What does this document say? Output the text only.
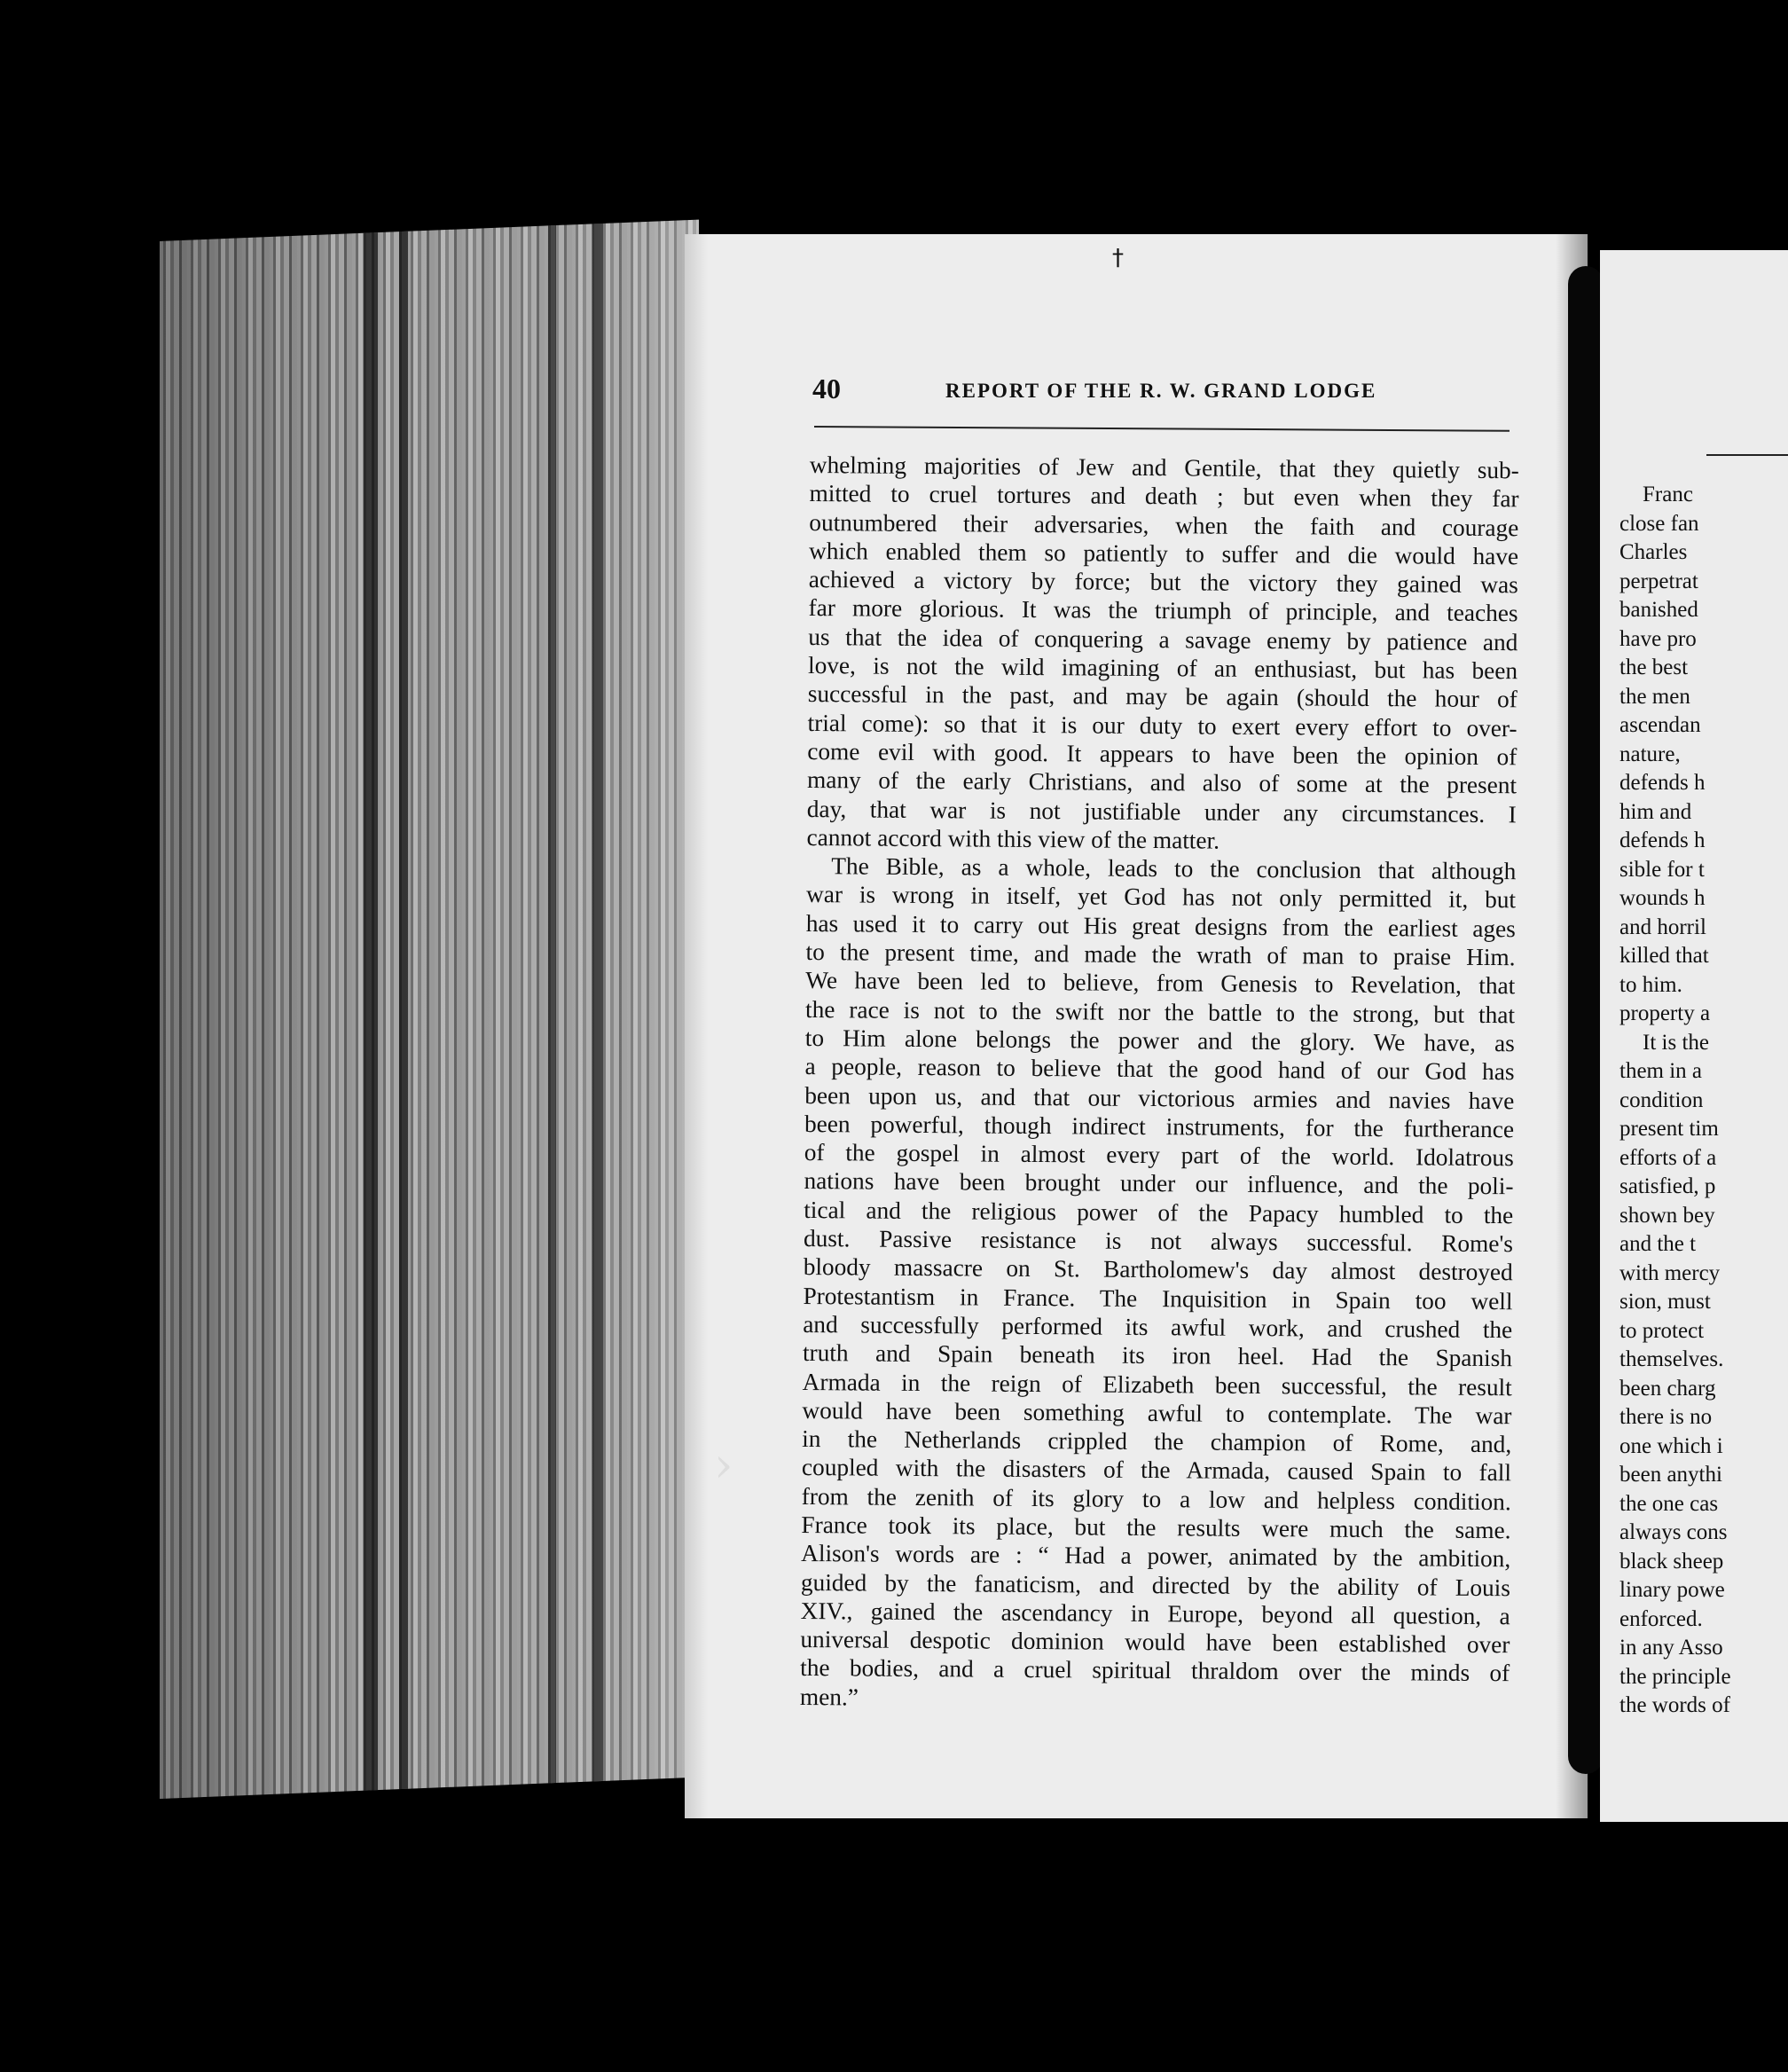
Franc
close fan
Charles
perpetrat
banished
have pro
the best
the men
ascendan
nature,
defends h
him and
defends h
sible for t
wounds h
and horril
killed that
to him.
property a
It is the
them in a
condition
present tim
efforts of a
satisfied, p
shown bey
and the t
with mercy
sion, must
to protect
themselves.
been charg
there is no
one which i
been anythi
the one cas
always cons
black sheep
linary powe
enforced.
in any Asso
the principle
the words of
40	REPORT OF THE R. W. GRAND LODGE
whelming majorities of Jew and Gentile, that they quietly sub-
mitted to cruel tortures and death ; but even when they far
outnumbered their adversaries, when the faith and courage
which enabled them so patiently to suffer and die would have
achieved a victory by force; but the victory they gained was
far more glorious. It was the triumph of principle, and teaches
us that the idea of conquering a savage enemy by patience and
love, is not the wild imagining of an enthusiast, but has been
successful in the past, and may be again (should the hour of
trial come): so that it is our duty to exert every effort to over-
come evil with good. It appears to have been the opinion of
many of the early Christians, and also of some at the present
day, that war is not justifiable under any circumstances. I
cannot accord with this view of the matter.
The Bible, as a whole, leads to the conclusion that although
war is wrong in itself, yet God has not only permitted it, but
has used it to carry out His great designs from the earliest ages
to the present time, and made the wrath of man to praise Him.
We have been led to believe, from Genesis to Revelation, that
the race is not to the swift nor the battle to the strong, but that
to Him alone belongs the power and the glory. We have, as
a people, reason to believe that the good hand of our God has
been upon us, and that our victorious armies and navies have
been powerful, though indirect instruments, for the furtherance
of the gospel in almost every part of the world. Idolatrous
nations have been brought under our influence, and the poli-
tical and the religious power of the Papacy humbled to the
dust. Passive resistance is not always successful. Rome's
bloody massacre on St. Bartholomew's day almost destroyed
Protestantism in France. The Inquisition in Spain too well
and successfully performed its awful work, and crushed the
truth and Spain beneath its iron heel. Had the Spanish
Armada in the reign of Elizabeth been successful, the result
would have been something awful to contemplate. The war
in the Netherlands crippled the champion of Rome, and,
coupled with the disasters of the Armada, caused Spain to fall
from the zenith of its glory to a low and helpless condition.
France took its place, but the results were much the same.
Alison's words are : “ Had a power, animated by the ambition,
guided by the fanaticism, and directed by the ability of Louis
XIV., gained the ascendancy in Europe, beyond all question, a
universal despotic dominion would have been established over
the bodies, and a cruel spiritual thraldom over the minds of
men.”
†
›
